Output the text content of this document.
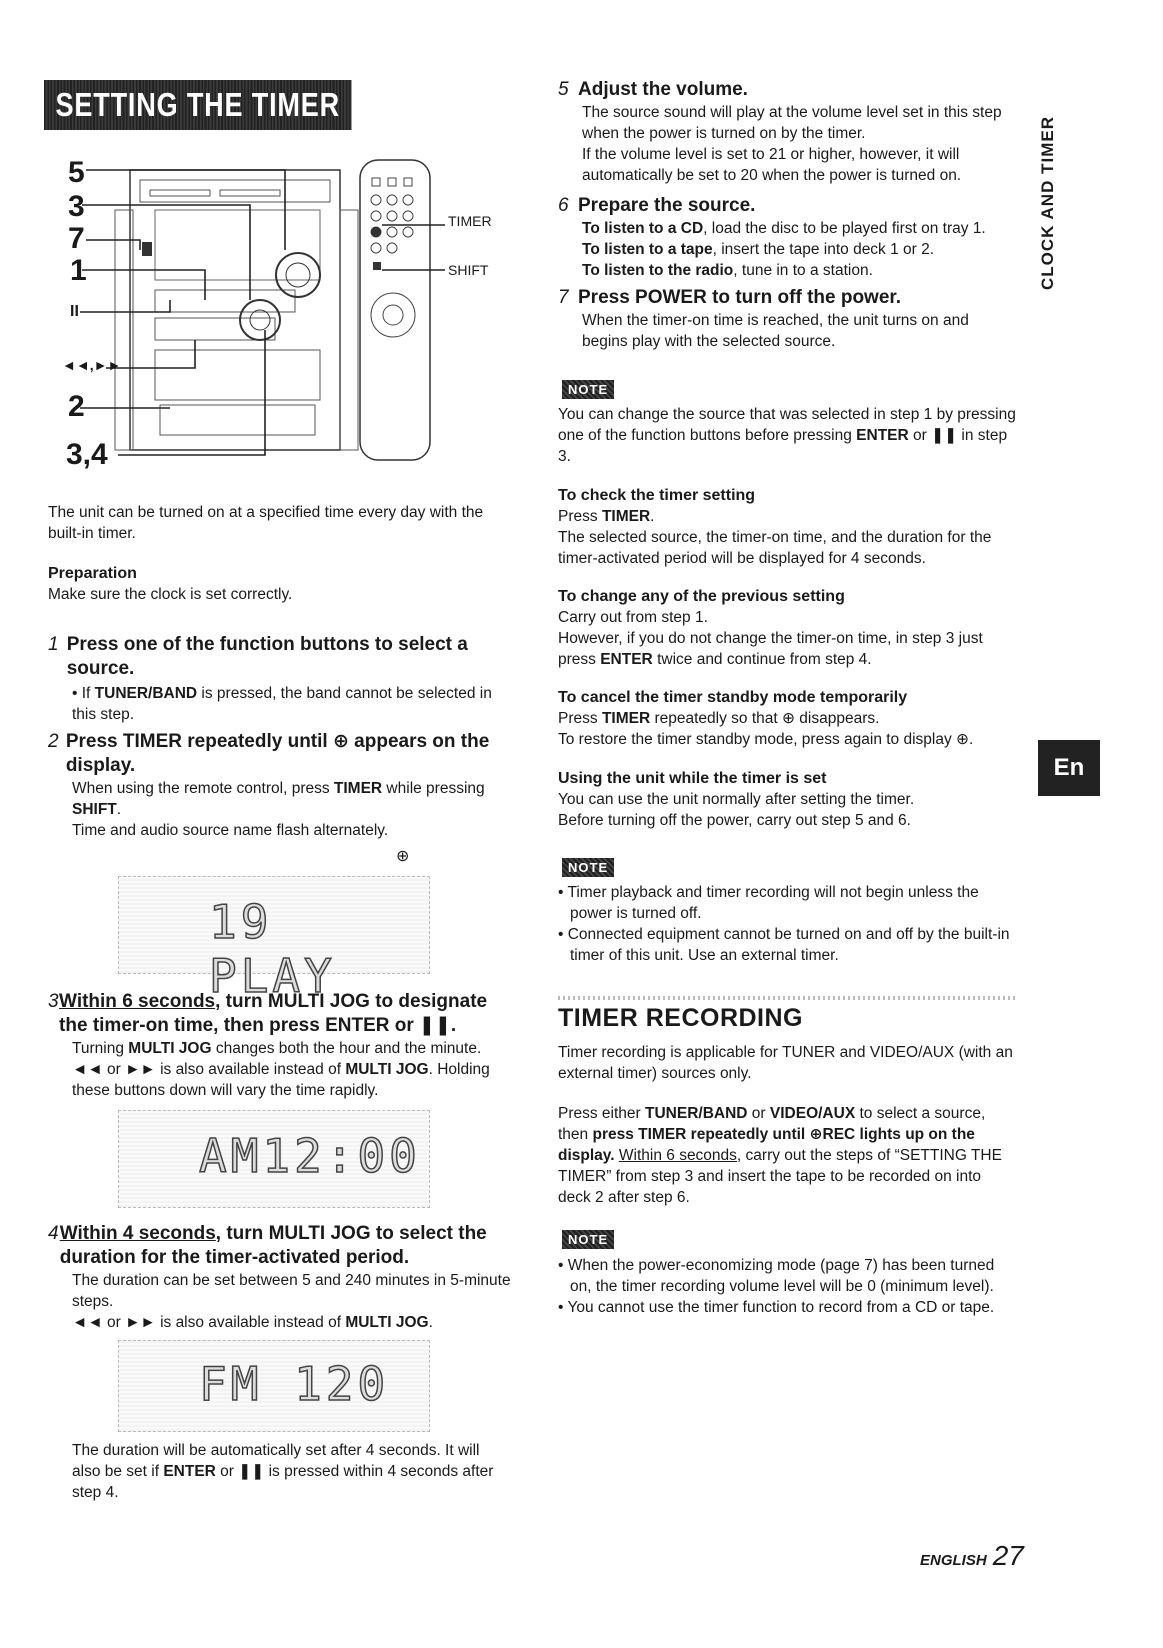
SETTING THE TIMER
5
3
7
1
II
◄◄,►►
2
3,4
TIMER
SHIFT

The unit can be turned on at a specified time every day with the built-in timer.

Preparation

Make sure the clock is set correctly.

1 Press one of the function buttons to select a source.

• If TUNER/BAND is pressed, the band cannot be selected in this step.

2 Press TIMER repeatedly until ⊕ appears on the display.

When using the remote control, press TIMER while pressing SHIFT.

Time and audio source name flash alternately.

⊕
19 PLAY
3 Within 6 seconds, turn MULTI JOG to designate the timer-on time, then press ENTER or ❚❚.

Turning MULTI JOG changes both the hour and the minute.
◄◄ or ►► is also available instead of MULTI JOG. Holding these buttons down will vary the time rapidly.

AM12:00
4 Within 4 seconds, turn MULTI JOG to select the duration for the timer-activated period.

The duration can be set between 5 and 240 minutes in 5-minute steps.

◄◄ or ►► is also available instead of MULTI JOG.

FM 120

The duration will be automatically set after 4 seconds. It will also be set if ENTER or ❚❚ is pressed within 4 seconds after step 4.

5 Adjust the volume.

The source sound will play at the volume level set in this step when the power is turned on by the timer.

If the volume level is set to 21 or higher, however, it will automatically be set to 20 when the power is turned on.

6 Prepare the source.

To listen to a CD, load the disc to be played first on tray 1.

To listen to a tape, insert the tape into deck 1 or 2.

To listen to the radio, tune in to a station.

7 Press POWER to turn off the power.

When the timer-on time is reached, the unit turns on and begins play with the selected source.

NOTE

You can change the source that was selected in step 1 by pressing one of the function buttons before pressing ENTER or ❚❚ in step 3.

To check the timer setting

Press TIMER.

The selected source, the timer-on time, and the duration for the timer-activated period will be displayed for 4 seconds.

To change any of the previous setting

Carry out from step 1.

However, if you do not change the timer-on time, in step 3 just press ENTER twice and continue from step 4.

To cancel the timer standby mode temporarily

Press TIMER repeatedly so that ⊕ disappears.

To restore the timer standby mode, press again to display ⊕.

Using the unit while the timer is set

You can use the unit normally after setting the timer.

Before turning off the power, carry out step 5 and 6.

NOTE

• Timer playback and timer recording will not begin unless the power is turned off.

• Connected equipment cannot be turned on and off by the built-in timer of this unit. Use an external timer.

TIMER RECORDING

Timer recording is applicable for TUNER and VIDEO/AUX (with an external timer) sources only.

Press either TUNER/BAND or VIDEO/AUX to select a source, then press TIMER repeatedly until ⊕REC lights up on the display. Within 6 seconds, carry out the steps of “SETTING THE TIMER” from step 3 and insert the tape to be recorded on into deck 2 after step 6.

NOTE

• When the power-economizing mode (page 7) has been turned on, the timer recording volume level will be 0 (minimum level).

• You cannot use the timer function to record from a CD or tape.

CLOCK AND TIMER
En
ENGLISH 27
